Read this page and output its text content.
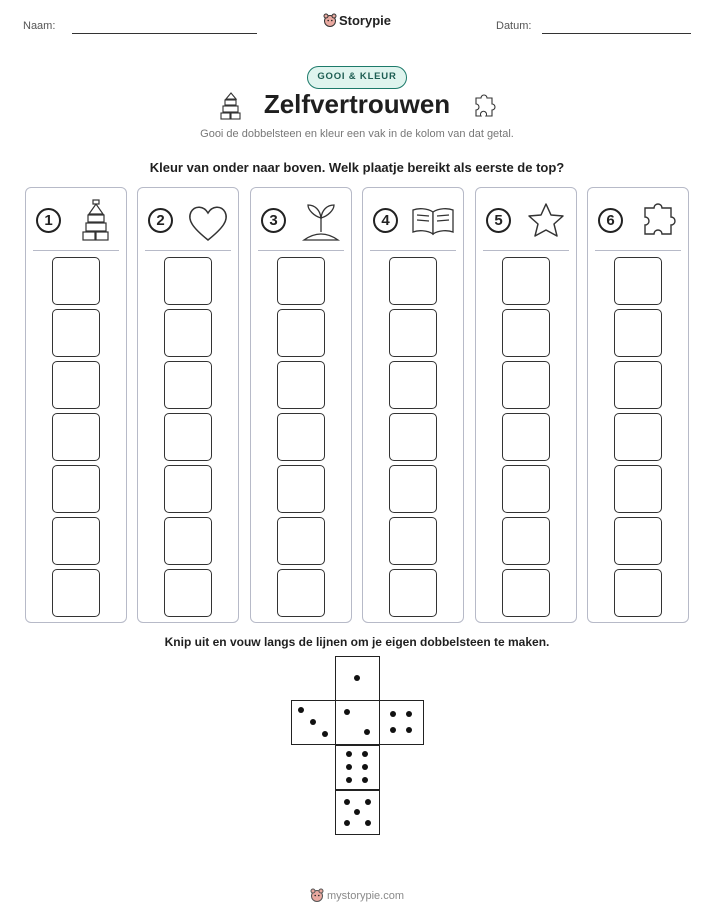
Naam:	Storypie	Datum:
GOOI & KLEUR
Zelfvertrouwen
Gooi de dobbelsteen en kleur een vak in de kolom van dat getal.
Kleur van onder naar boven. Welk plaatje bereikt als eerste de top?
1	2	3	4	5	6
Knip uit en vouw langs de lijnen om je eigen dobbelsteen te maken.
mystorypie.com
